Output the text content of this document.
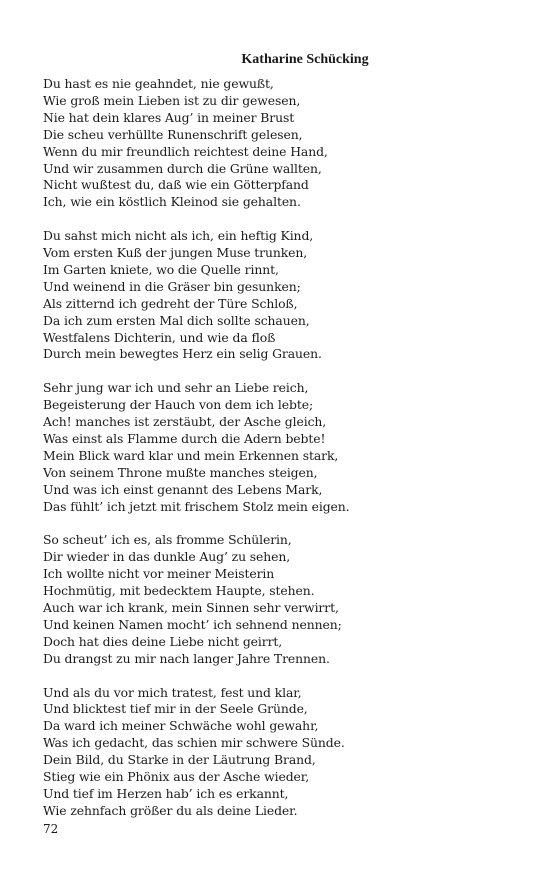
Katharine Schücking
Du hast es nie geahndet, nie gewußt,
Wie groß mein Lieben ist zu dir gewesen,
Nie hat dein klares Aug’ in meiner Brust
Die scheu verhüllte Runenschrift gelesen,
Wenn du mir freundlich reichtest deine Hand,
Und wir zusammen durch die Grüne wallten,
Nicht wußtest du, daß wie ein Götterpfand
Ich, wie ein köstlich Kleinod sie gehalten.
Du sahst mich nicht als ich, ein heftig Kind,
Vom ersten Kuß der jungen Muse trunken,
Im Garten kniete, wo die Quelle rinnt,
Und weinend in die Gräser bin gesunken;
Als zitternd ich gedreht der Türe Schloß,
Da ich zum ersten Mal dich sollte schauen,
Westfalens Dichterin, und wie da floß
Durch mein bewegtes Herz ein selig Grauen.
Sehr jung war ich und sehr an Liebe reich,
Begeisterung der Hauch von dem ich lebte;
Ach! manches ist zerstäubt, der Asche gleich,
Was einst als Flamme durch die Adern bebte!
Mein Blick ward klar und mein Erkennen stark,
Von seinem Throne mußte manches steigen,
Und was ich einst genannt des Lebens Mark,
Das fühlt’ ich jetzt mit frischem Stolz mein eigen.
So scheut’ ich es, als fromme Schülerin,
Dir wieder in das dunkle Aug’ zu sehen,
Ich wollte nicht vor meiner Meisterin
Hochmütig, mit bedecktem Haupte, stehen.
Auch war ich krank, mein Sinnen sehr verwirrt,
Und keinen Namen mocht’ ich sehnend nennen;
Doch hat dies deine Liebe nicht geirrt,
Du drangst zu mir nach langer Jahre Trennen.
Und als du vor mich tratest, fest und klar,
Und blicktest tief mir in der Seele Gründe,
Da ward ich meiner Schwäche wohl gewahr,
Was ich gedacht, das schien mir schwere Sünde.
Dein Bild, du Starke in der Läutrung Brand,
Stieg wie ein Phönix aus der Asche wieder,
Und tief im Herzen hab’ ich es erkannt,
Wie zehnfach größer du als deine Lieder.
72
